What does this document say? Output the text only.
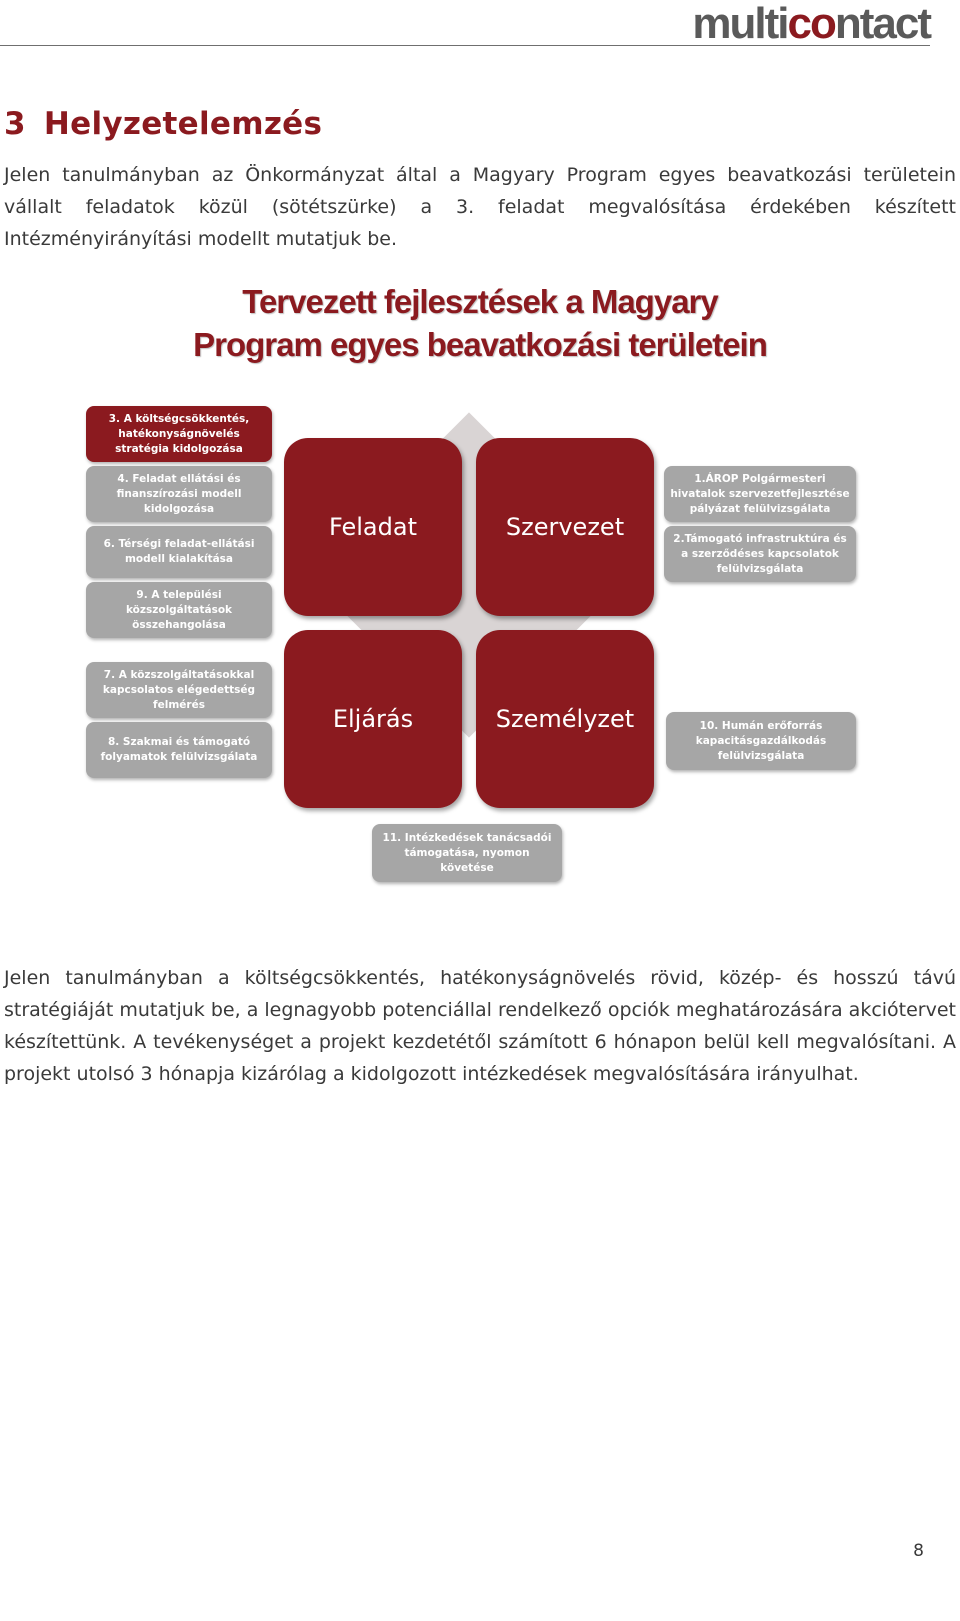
multi co ntact
3 Helyzetelemzés

Jelen tanulmányban az Önkormányzat által a Magyary Program egyes beavatkozási területein vállalt feladatok közül (sötétszürke) a 3. feladat megvalósítása érdekében készített Intézményirányítási modellt mutatjuk be.

Tervezett fejlesztések a Magyary
Program egyes beavatkozási területein
Feladat	Szervezet
Eljárás	Személyzet
3. A költségcsökkentés, hatékonyságnövelés stratégia kidolgozása
4. Feladat ellátási és finanszírozási modell kidolgozása
6. Térségi feladat-ellátási modell kialakítása
9. A települési közszolgáltatások összehangolása
7. A közszolgáltatásokkal kapcsolatos elégedettség felmérés
8. Szakmai és támogató folyamatok felülvizsgálata
1.ÁROP Polgármesteri hivatalok szervezetfejlesztése pályázat felülvizsgálata
2.Támogató infrastruktúra és a szerződéses kapcsolatok felülvizsgálata
10. Humán erőforrás kapacitásgazdálkodás felülvizsgálata
11. Intézkedések tanácsadói támogatása, nyomon követése

Jelen tanulmányban a költségcsökkentés, hatékonyságnövelés rövid, közép- és hosszú távú stratégiáját mutatjuk be, a legnagyobb potenciállal rendelkező opciók meghatározására akciótervet készítettünk. A tevékenységet a projekt kezdetétől számított 6 hónapon belül kell megvalósítani. A projekt utolsó 3 hónapja kizárólag a kidolgozott intézkedések megvalósítására irányulhat.

8
